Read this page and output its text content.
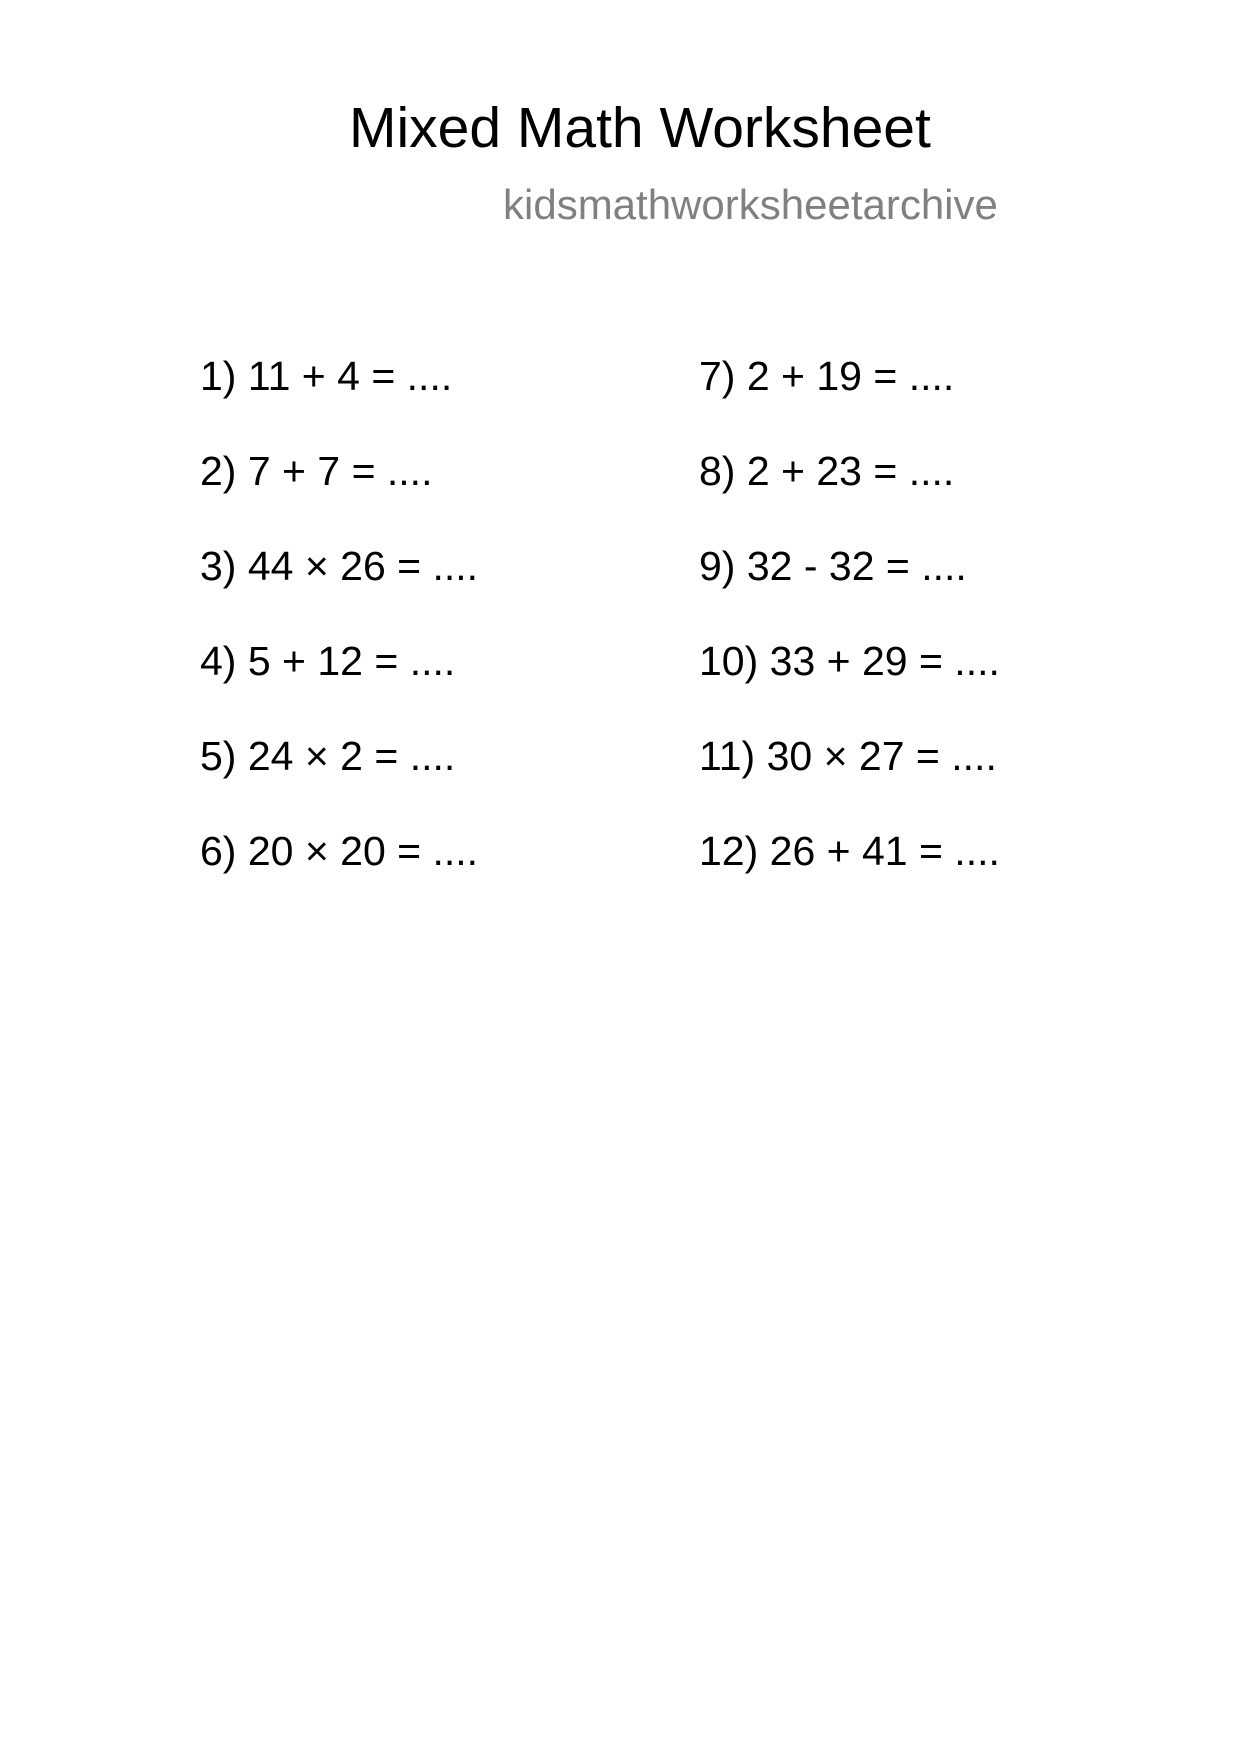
Mixed Math Worksheet
kidsmathworksheetarchive
1) 11 + 4 = ....
2) 7 + 7 = ....
3) 44 × 26 = ....
4) 5 + 12 = ....
5) 24 × 2 = ....
6) 20 × 20 = ....
7) 2 + 19 = ....
8) 2 + 23 = ....
9) 32 - 32 = ....
10) 33 + 29 = ....
11) 30 × 27 = ....
12) 26 + 41 = ....
